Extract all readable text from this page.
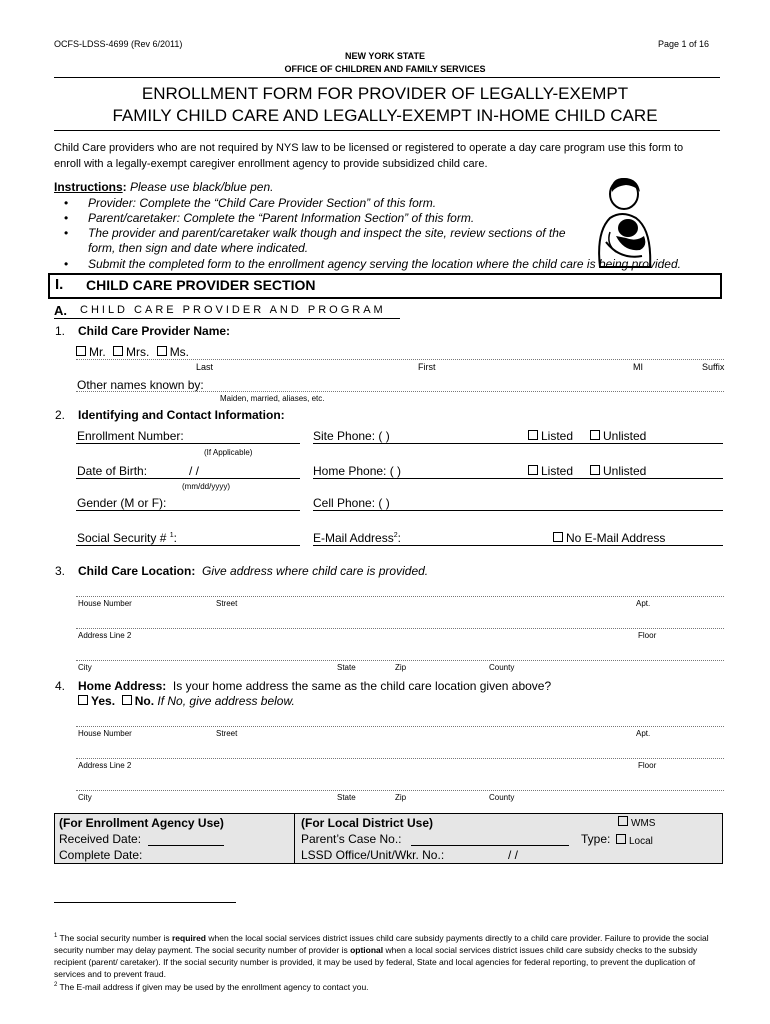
OCFS-LDSS-4699 (Rev 6/2011)	Page 1 of 16
NEW YORK STATE
OFFICE OF CHILDREN AND FAMILY SERVICES
ENROLLMENT FORM FOR PROVIDER OF LEGALLY-EXEMPT
FAMILY CHILD CARE AND LEGALLY-EXEMPT IN-HOME CHILD CARE
Child Care providers who are not required by NYS law to be licensed or registered to operate a day care program use this form to enroll with a legally-exempt caregiver enrollment agency to provide subsidized child care.
Instructions: Please use black/blue pen.
• Provider: Complete the “Child Care Provider Section” of this form.
• Parent/caretaker: Complete the “Parent Information Section” of this form.
• The provider and parent/caretaker walk though and inspect the site, review sections of the form, then sign and date where indicated.
• Submit the completed form to the enrollment agency serving the location where the child care is being provided.
I. CHILD CARE PROVIDER SECTION
A. CHILD CARE PROVIDER AND PROGRAM
1. Child Care Provider Name:
Mr. Mrs. Ms.
Last	First	MI	Suffix
Other names known by:
Maiden, married, aliases, etc.
2. Identifying and Contact Information:
Enrollment Number:
(If Applicable)
Site Phone: ( )	Listed	Unlisted
Date of Birth:	/ /
(mm/dd/yyyy)
Home Phone: ( )	Listed	Unlisted
Gender (M or F):	Cell Phone: ( )
Social Security # $^1$:	E-Mail Address$^2$:	No E-Mail Address
3. Child Care Location: Give address where child care is provided.
House Number	Street	Apt.
Address Line 2	Floor
City	State	Zip	County
4. Home Address: Is your home address the same as the child care location given above?
Yes. No. If No, give address below.
House Number	Street	Apt.
Address Line 2	Floor
City	State	Zip	County
(For Enrollment Agency Use)
Received Date:
Complete Date:
(For Local District Use)
Parent’s Case No.:
LSSD Office/Unit/Wkr. No.:	/ /
WMS
Type:	Local
$^1$ The social security number is required when the local social services district issues child care subsidy payments directly to a child care provider. Failure to provide the social security number may delay payment. The social security number of provider is optional when a local social services district issues child care subsidy checks to the subsidy recipient (parent/ caretaker). If the social security number is provided, it may be used by federal, State and local agencies for federal reporting, to prevent the duplication of services and to prevent fraud.
$^2$ The E-mail address if given may be used by the enrollment agency to contact you.
